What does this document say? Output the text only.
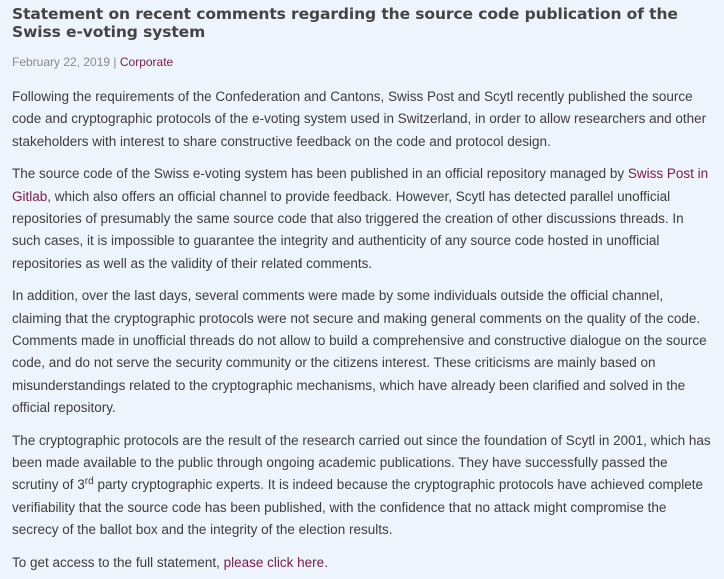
Statement on recent comments regarding the source code publication of the Swiss e-voting system
February 22, 2019 | Corporate

Following the requirements of the Confederation and Cantons, Swiss Post and Scytl recently published the source code and cryptographic protocols of the e-voting system used in Switzerland, in order to allow researchers and other stakeholders with interest to share constructive feedback on the code and protocol design.

The source code of the Swiss e-voting system has been published in an official repository managed by Swiss Post in Gitlab, which also offers an official channel to provide feedback. However, Scytl has detected parallel unofficial repositories of presumably the same source code that also triggered the creation of other discussions threads. In such cases, it is impossible to guarantee the integrity and authenticity of any source code hosted in unofficial repositories as well as the validity of their related comments.

In addition, over the last days, several comments were made by some individuals outside the official channel, claiming that the cryptographic protocols were not secure and making general comments on the quality of the code. Comments made in unofficial threads do not allow to build a comprehensive and constructive dialogue on the source code, and do not serve the security community or the citizens interest. These criticisms are mainly based on misunderstandings related to the cryptographic mechanisms, which have already been clarified and solved in the official repository.

The cryptographic protocols are the result of the research carried out since the foundation of Scytl in 2001, which has been made available to the public through ongoing academic publications. They have successfully passed the scrutiny of 3rd party cryptographic experts. It is indeed because the cryptographic protocols have achieved complete verifiability that the source code has been published, with the confidence that no attack might compromise the secrecy of the ballot box and the integrity of the election results.

To get access to the full statement, please click here.
